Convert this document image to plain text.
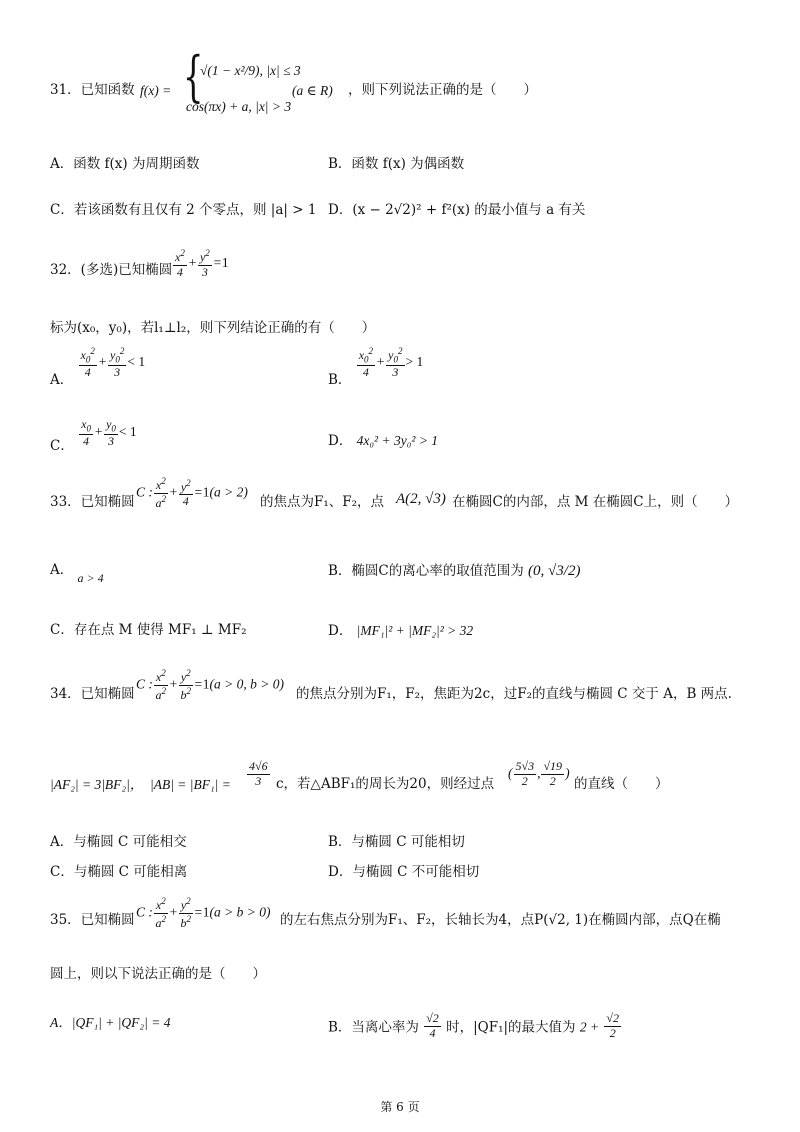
31．已知函数 f(x) = {
√(1 − x²/9), |x| ≤ 3
cos(πx) + a, |x| > 3
(a ∈ R) ，则下列说法正确的是（　　）
A．函数 f(x) 为周期函数	B．函数 f(x) 为偶函数
C．若该函数有且仅有 2 个零点，则 |a| > 1 D．(x − 2√2)² + f²(x) 的最小值与 a 有关
32．(多选)已知椭圆 $\frac{x^2}{4} + \frac{y^2}{3} =1$
标为(x₀，y₀)，若l₁⊥l₂，则下列结论正确的有（　　）
A．
$\frac{x_0^2}{4} + \frac{y_0^2}{3} < 1$
B．
$\frac{x_0^2}{4} + \frac{y_0^2}{3} > 1$
C． $\frac{x_0}{4} + \frac{y_0}{3} < 1$
D． 4x₀² + 3y₀² > 1
33．已知椭圆
C : $\frac{x^2}{a^2} + \frac{y^2}{4} =1(a > 2)$
的焦点为F₁、F₂，点 A(2, √3) 在椭圆C的内部，点 M 在椭圆C上，则（　　）
A． a > 4	B．椭圆C的离心率的取值范围为 (0, √3/2)
C．存在点 M 使得 MF₁ ⊥ MF₂	D． |MF₁|² + |MF₂|² > 32
34．已知椭圆
C : $\frac{x^2}{a^2} + \frac{y^2}{b^2} =1(a > 0$, b > 0)
的焦点分别为F₁，F₂，焦距为2c，过F₂的直线与椭圆 C 交于 A，B 两点.
|AF₂| = 3|BF₂|， $|AB| = |BF_1| = \frac{4√6}{3}$ c，若△ABF₁的周长为20，则经过点
( $\frac{5√3}{2}$ , $\frac{√19}{2}$ )
的直线（　　）
A．与椭圆 C 可能相交	B．与椭圆 C 可能相切
C．与椭圆 C 可能相离	D．与椭圆 C 不可能相切
35．已知椭圆
C : $\frac{x^2}{a^2} + \frac{y^2}{b^2} =1(a > b > 0)$
的左右焦点分别为F₁、F₂，长轴长为4，点P(√2, 1)在椭圆内部，点Q在椭
圆上，则以下说法正确的是（　　）
A．|QF₁| + |QF₂| = 4	B．当离心率为 $\frac{√2}{4}$ 时，|QF₁|的最大值为 $2 + \frac{√2}{2}$
第 6 页
